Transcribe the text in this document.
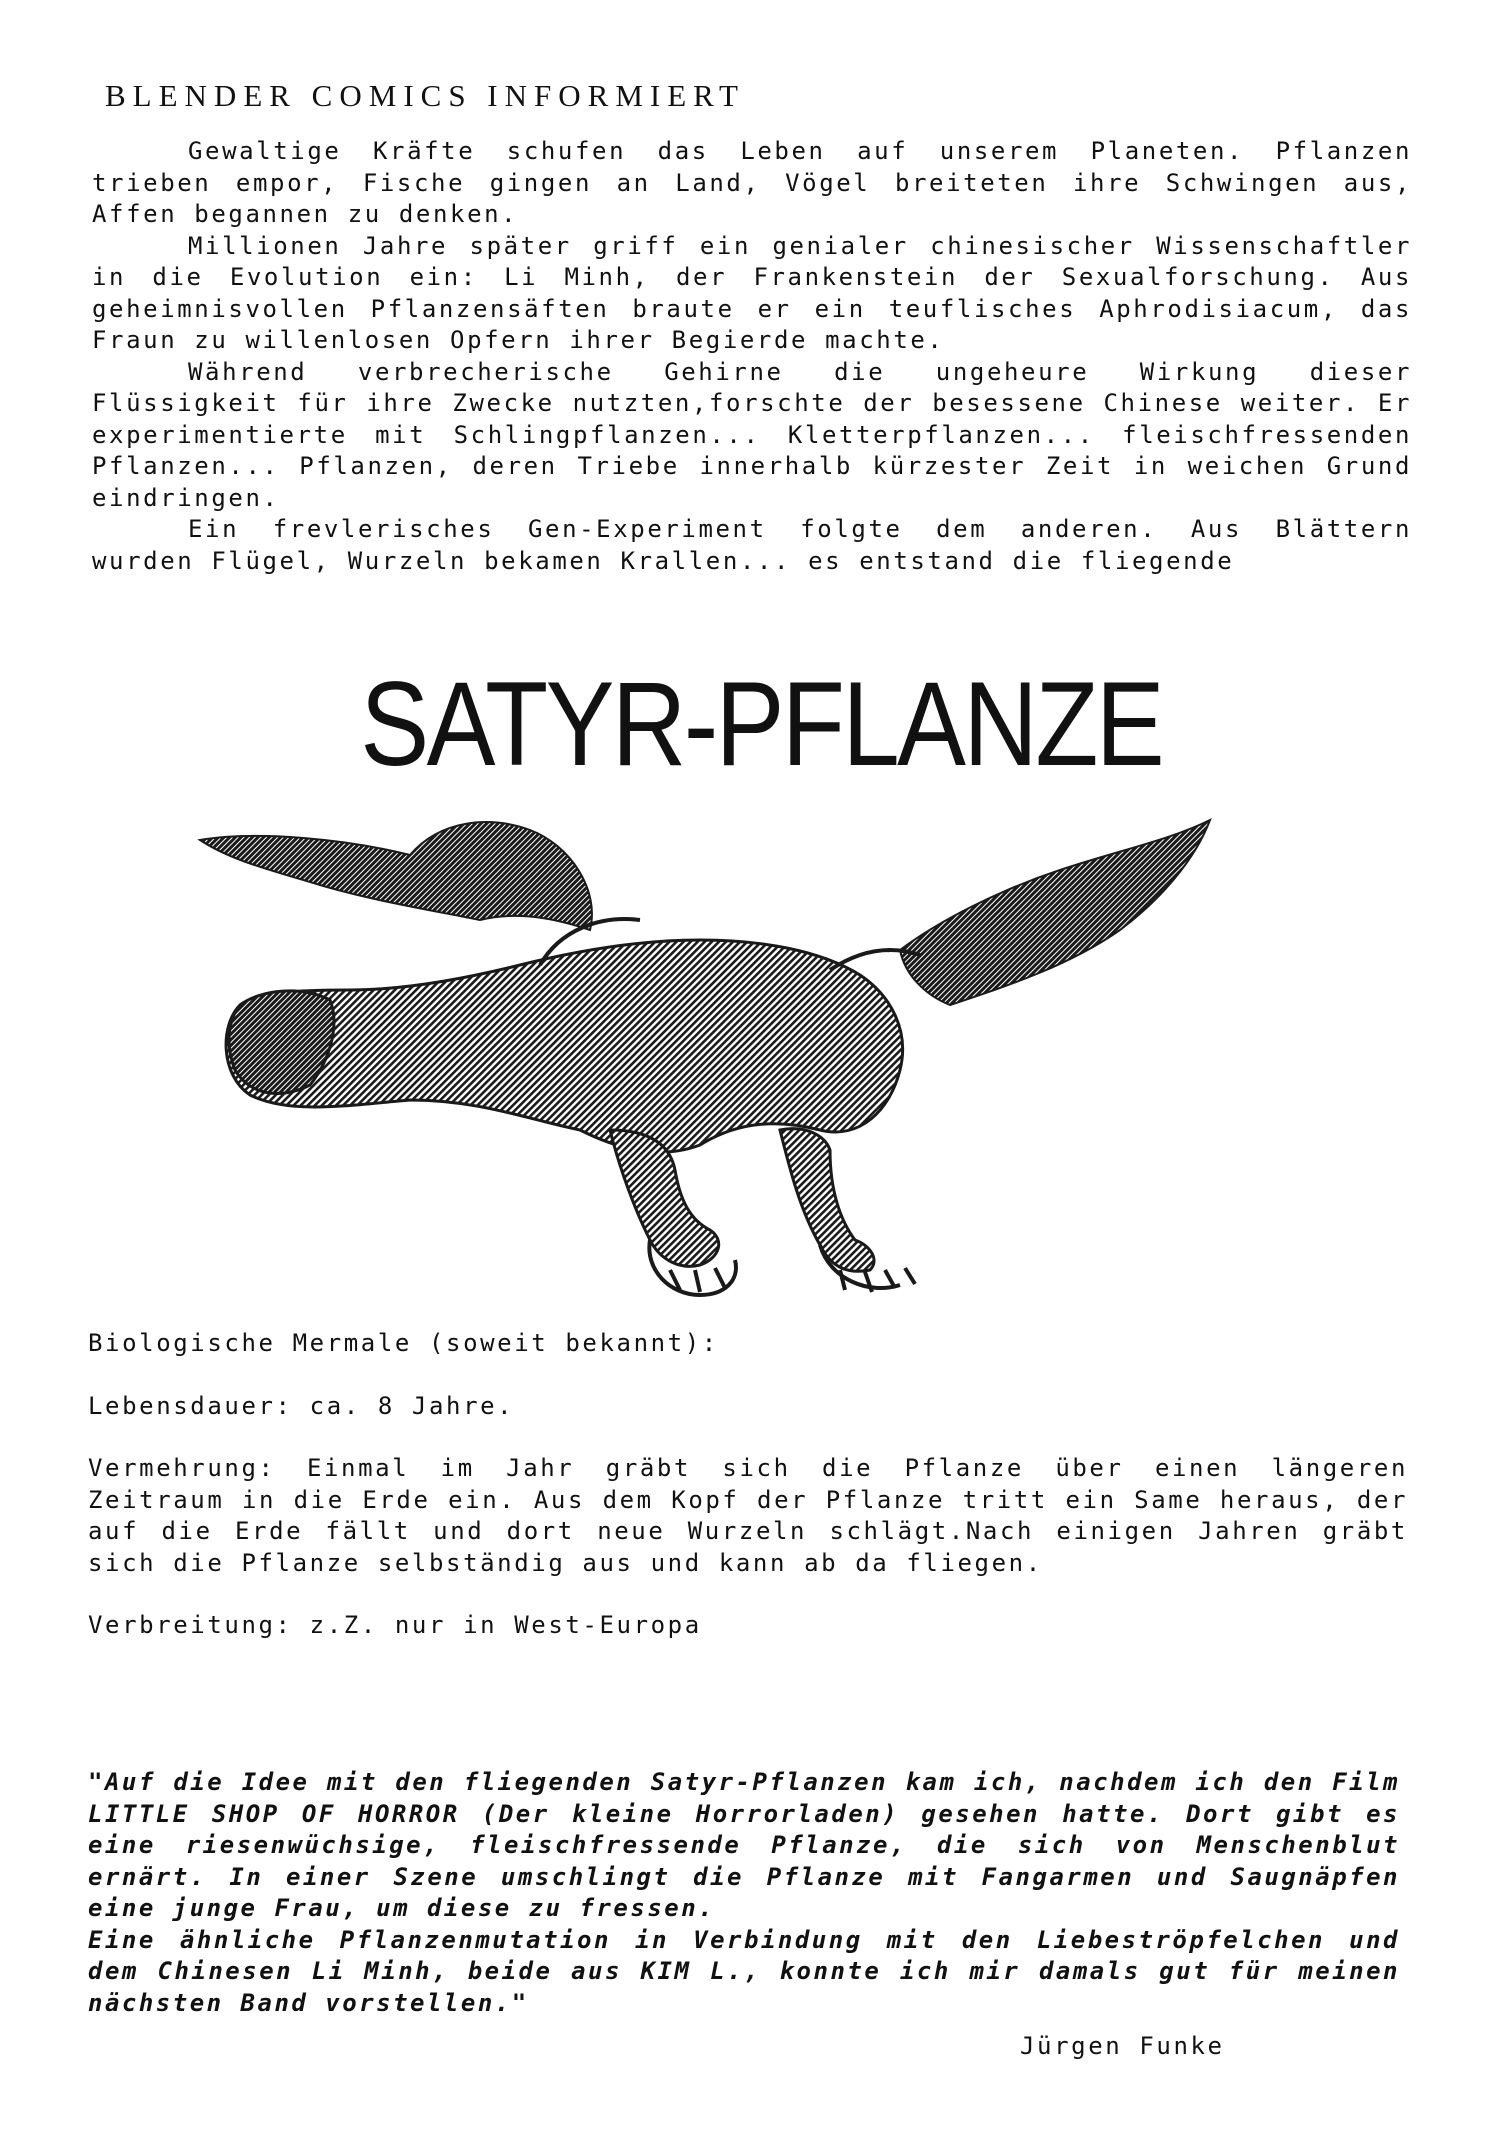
BLENDER COMICS INFORMIERT

Gewaltige Kräfte schufen das Leben auf unserem Planeten. Pflanzen trieben empor, Fische gingen an Land, Vögel breiteten ihre Schwingen aus, Affen begannen zu denken.

Millionen Jahre später griff ein genialer chinesischer Wissenschaftler in die Evolution ein: Li Minh, der Frankenstein der Sexualforschung. Aus geheimnisvollen Pflanzensäften braute er ein teuflisches Aphrodisiacum, das Fraun zu willenlosen Opfern ihrer Begierde machte.

Während verbrecherische Gehirne die ungeheure Wirkung dieser Flüssigkeit für ihre Zwecke nutzten,forschte der besessene Chinese weiter. Er experimentierte mit Schlingpflanzen... Kletterpflanzen... fleischfressenden Pflanzen... Pflanzen, deren Triebe innerhalb kürzester Zeit in weichen Grund eindringen.

Ein frevlerisches Gen-Experiment folgte dem anderen. Aus Blättern wurden Flügel, Wurzeln bekamen Krallen... es entstand die fliegende

SATYR-PFLANZE

Biologische Mermale (soweit bekannt):

Lebensdauer: ca. 8 Jahre.

Vermehrung: Einmal im Jahr gräbt sich die Pflanze über einen längeren Zeitraum in die Erde ein. Aus dem Kopf der Pflanze tritt ein Same heraus, der auf die Erde fällt und dort neue Wurzeln schlägt.Nach einigen Jahren gräbt sich die Pflanze selbständig aus und kann ab da fliegen.

Verbreitung: z.Z. nur in West-Europa

"Auf die Idee mit den fliegenden Satyr-Pflanzen kam ich, nachdem ich den Film LITTLE SHOP OF HORROR (Der kleine Horrorladen) gesehen hatte. Dort gibt es eine riesenwüchsige, fleischfressende Pflanze, die sich von Menschenblut ernärt. In einer Szene umschlingt die Pflanze mit Fangarmen und Saugnäpfen eine junge Frau, um diese zu fressen.

Eine ähnliche Pflanzenmutation in Verbindung mit den Liebeströpfelchen und dem Chinesen Li Minh, beide aus KIM L., konnte ich mir damals gut für meinen nächsten Band vorstellen."

Jürgen Funke
